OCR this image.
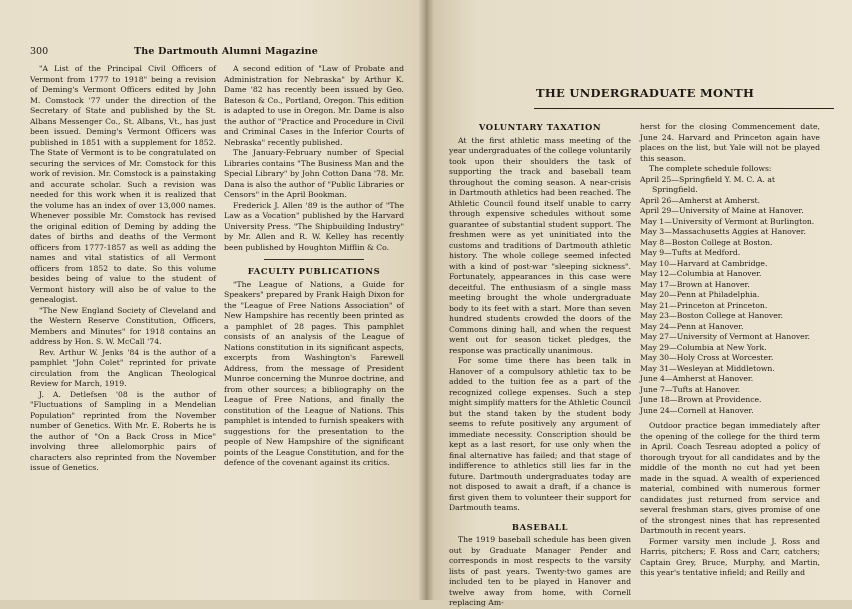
300	The Dartmouth Alumni Magazine

"A List of the Principal Civil Officers of Vermont from 1777 to 1918" being a revision of Deming's Vermont Officers edited by John M. Comstock '77 under the direction of the Secretary of State and published by the St. Albans Messenger Co., St. Albans, Vt., has just been issued. Deming's Vermont Officers was published in 1851 with a supplement for 1852. The State of Vermont is to be congratulated on securing the services of Mr. Comstock for this work of revision. Mr. Comstock is a painstaking and accurate scholar. Such a revision was needed for this work when it is realized that the volume has an index of over 13,000 names. Whenever possible Mr. Comstock has revised the original edition of Deming by adding the dates of births and deaths of the Vermont officers from 1777-1857 as well as adding the names and vital statistics of all Vermont officers from 1852 to date. So this volume besides being of value to the student of Vermont history will also be of value to the genealogist.

"The New England Society of Cleveland and the Western Reserve Constitution, Officers, Members and Minutes" for 1918 contains an address by Hon. S. W. McCall '74.

Rev. Arthur W. Jenks '84 is the author of a pamphlet "John Colet" reprinted for private circulation from the Anglican Theological Review for March, 1919.

J. A. Detlefsen '08 is the author of "Fluctuations of Sampling in a Mendelian Population" reprinted from the November number of Genetics. With Mr. E. Roberts he is the author of "On a Back Cross in Mice" involving three allelomorphic pairs of characters also reprinted from the November issue of Genetics.

A second edition of "Law of Probate and Administration for Nebraska" by Arthur K. Dame '82 has recently been issued by Geo. Bateson & Co., Portland, Oregon. This edition is adapted to use in Oregon. Mr. Dame is also the author of "Practice and Procedure in Civil and Criminal Cases in the Inferior Courts of Nebraska" recently published.

The January-February number of Special Libraries contains "The Business Man and the Special Library" by John Cotton Dana '78. Mr. Dana is also the author of "Public Libraries or Censors" in the April Bookman.

Frederick J. Allen '89 is the author of "The Law as a Vocation" published by the Harvard University Press. "The Shipbuilding Industry" by Mr. Allen and R. W. Kelley has recently been published by Houghton Mifflin & Co.

FACULTY PUBLICATIONS

"The League of Nations, a Guide for Speakers" prepared by Frank Haigh Dixon for the "League of Free Nations Association" of New Hampshire has recently been printed as a pamphlet of 28 pages. This pamphlet consists of an analysis of the League of Nations constitution in its significant aspects, excerpts from Washington's Farewell Address, from the message of President Munroe concerning the Munroe doctrine, and from other sources; a bibliography on the League of Free Nations, and finally the constitution of the League of Nations. This pamphlet is intended to furnish speakers with suggestions for the presentation to the people of New Hampshire of the significant points of the League Constitution, and for the defence of the covenant against its critics.

THE UNDERGRADUATE MONTH
VOLUNTARY TAXATION

At the first athletic mass meeting of the year undergraduates of the college voluntarily took upon their shoulders the task of supporting the track and baseball team throughout the coming season. A near-crisis in Dartmouth athletics had been reached. The Athletic Council found itself unable to carry through expensive schedules without some guarantee of substantial student support. The freshmen were as yet uninitiated into the customs and traditions of Dartmouth athletic history. The whole college seemed infected with a kind of post-war "sleeping sickness". Fortunately, appearances in this case were deceitful. The enthusiasm of a single mass meeting brought the whole undergraduate body to its feet with a start. More than seven hundred students crowded the doors of the Commons dining hall, and when the request went out for season ticket pledges, the response was practically unanimous.

For some time there has been talk in Hanover of a compulsory athletic tax to be added to the tuition fee as a part of the recognized college expenses. Such a step might simplify matters for the Athletic Council but the stand taken by the student body seems to refute positively any argument of immediate necessity. Conscription should be kept as a last resort, for use only when the final alternative has failed; and that stage of indifference to athletics still lies far in the future. Dartmouth undergraduates today are not disposed to await a draft, if a chance is first given them to volunteer their support for Dartmouth teams.

BASEBALL

The 1919 baseball schedule has been given out by Graduate Manager Pender and corresponds in most respects to the varsity lists of past years. Twenty-two games are included ten to be played in Hanover and twelve away from home, with Cornell replacing Am-

herst for the closing Commencement date, June 24. Harvard and Princeton again have places on the list, but Yale will not be played this season.

The complete schedule follows:

April 25—Springfield Y. M. C. A. at Springfield.
April 26—Amherst at Amherst.
April 29—University of Maine at Hanover.
May 1—University of Vermont at Burlington.
May 3—Massachusetts Aggies at Hanover.
May 8—Boston College at Boston.
May 9—Tufts at Medford.
May 10—Harvard at Cambridge.
May 12—Columbia at Hanover.
May 17—Brown at Hanover.
May 20—Penn at Philadelphia.
May 21—Princeton at Princeton.
May 23—Boston College at Hanover.
May 24—Penn at Hanover.
May 27—University of Vermont at Hanover.
May 29—Columbia at New York.
May 30—Holy Cross at Worcester.
May 31—Wesleyan at Middletown.
June 4—Amherst at Hanover.
June 7—Tufts at Hanover.
June 18—Brown at Providence.
June 24—Cornell at Hanover.

Outdoor practice began immediately after the opening of the college for the third term in April. Coach Tesreau adopted a policy of thorough tryout for all candidates and by the middle of the month no cut had yet been made in the squad. A wealth of experienced material, combined with numerous former candidates just returned from service and several freshman stars, gives promise of one of the strongest nines that has represented Dartmouth in recent years.

Former varsity men include J. Ross and Harris, pitchers; F. Ross and Carr, catchers; Captain Grey, Bruce, Murphy, and Martin, this year's tentative infield; and Reilly and
